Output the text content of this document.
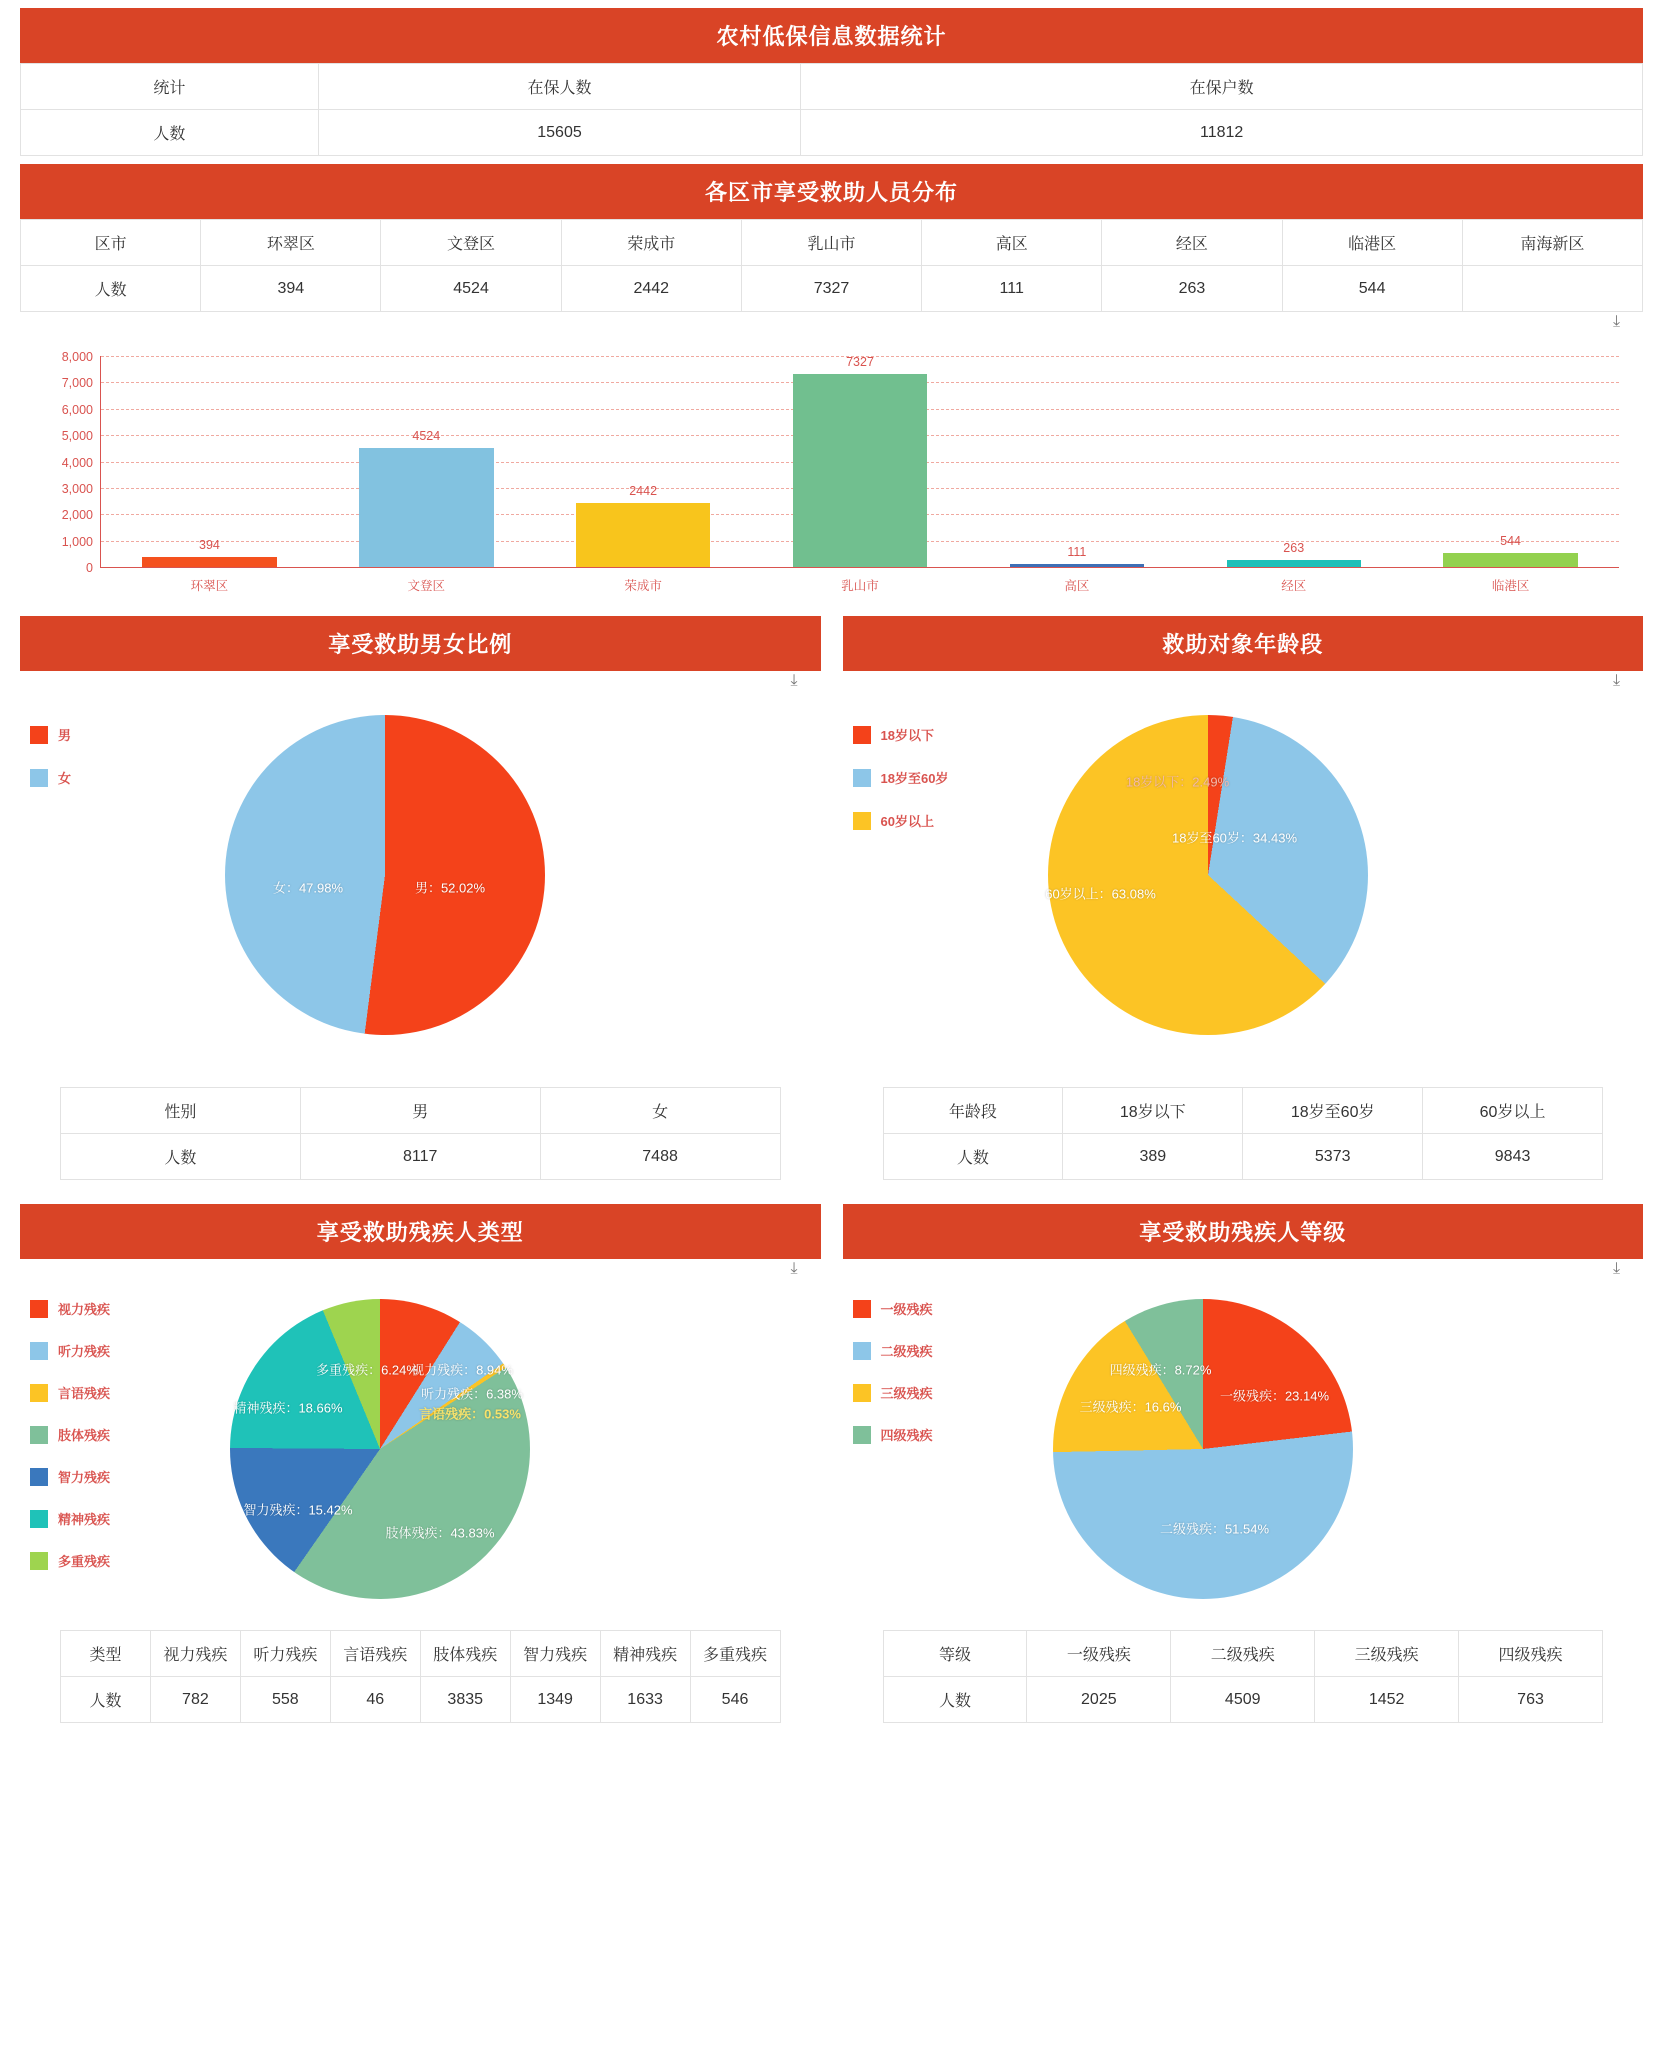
农村低保信息数据统计
统计	在保人数	在保户数
人数	15605	11812
各区市享受救助人员分布
区市	环翠区	文登区	荣成市	乳山市	高区	经区	临港区	南海新区
人数	394	4524	2442	7327	111	263	544	
⤓
0
1,000
2,000
3,000
4,000
5,000
6,000
7,000
8,000
394
环翠区
4524
文登区
2442
荣成市
7327
乳山市
111
高区
263
经区
544
临港区
享受救助男女比例
⤓
男
女
男：52.02%
女：47.98%
性别	男	女
人数	8117	7488
救助对象年龄段
⤓
18岁以下
18岁至60岁
60岁以上
18岁以下：2.49%
18岁至60岁：34.43%
60岁以上：63.08%
年龄段	18岁以下	18岁至60岁	60岁以上
人数	389	5373	9843
享受救助残疾人类型
⤓
视力残疾
听力残疾
言语残疾
肢体残疾
智力残疾
精神残疾
多重残疾
视力残疾：8.94%
听力残疾：6.38%
言语残疾：0.53%
肢体残疾：43.83%
智力残疾：15.42%
精神残疾：18.66%
多重残疾：6.24%
类型	视力残疾	听力残疾	言语残疾	肢体残疾	智力残疾	精神残疾	多重残疾
人数	782	558	46	3835	1349	1633	546
享受救助残疾人等级
⤓
一级残疾
二级残疾
三级残疾
四级残疾
一级残疾：23.14%
二级残疾：51.54%
三级残疾：16.6%
四级残疾：8.72%
等级	一级残疾	二级残疾	三级残疾	四级残疾
人数	2025	4509	1452	763
